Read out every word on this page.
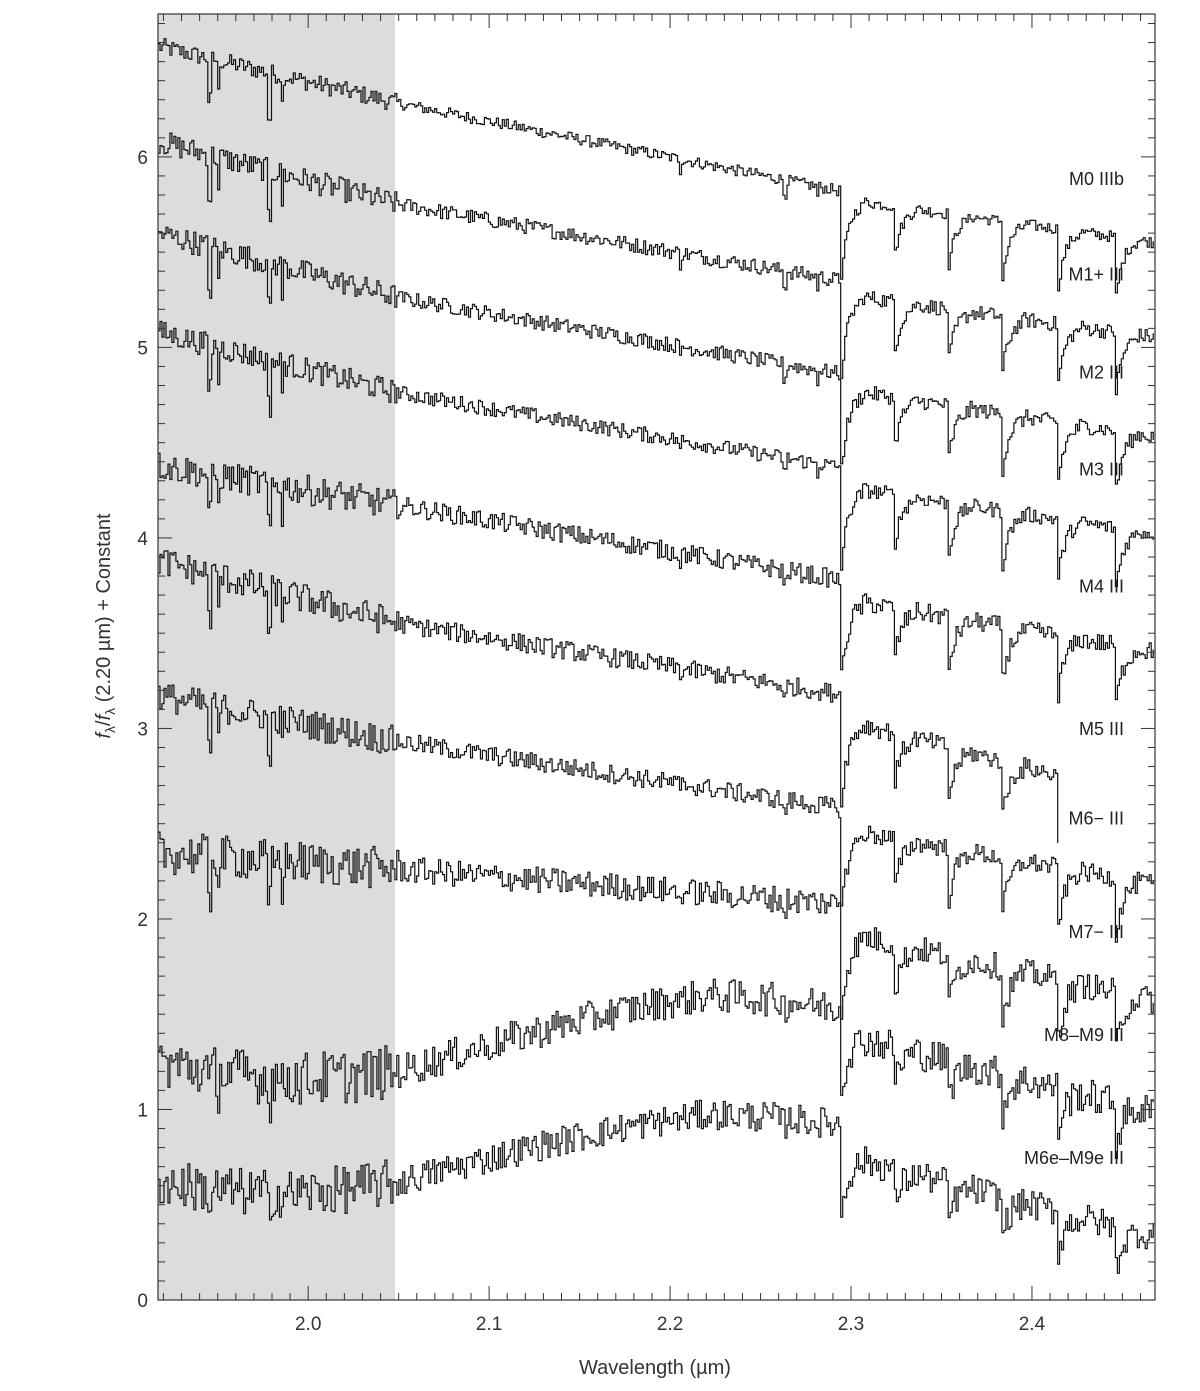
2.0	2.1	2.2	2.3	2.4
0
1
2
3
4
5
6
M0 IIIb
M1+ III
M2 III
M3 III
M4 III
M5 III
M6− III
M7− III
M8–M9 III
M6e–M9e III
Wavelength (µm)
$f_\lambda/f_\lambda$ (2.20 µm) + Constant
